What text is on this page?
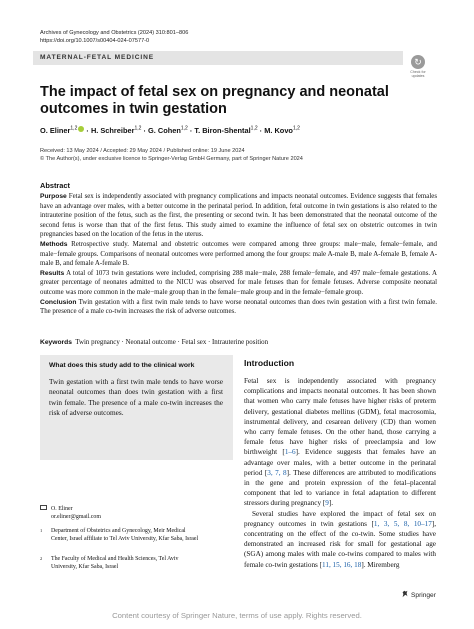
Archives of Gynecology and Obstetrics (2024) 310:801–806
https://doi.org/10.1007/s00404-024-07577-0
MATERNAL-FETAL MEDICINE	↻
Check for updates
The impact of fetal sex on pregnancy and neonatal outcomes in twin gestation
O. Eliner$^{1,2}$ · H. Schreiber$^{1,2}$ · G. Cohen$^{1,2}$ · T. Biron-Shental$^{1,2}$ · M. Kovo$^{1,2}$
Received: 13 May 2024 / Accepted: 29 May 2024 / Published online: 19 June 2024
© The Author(s), under exclusive licence to Springer-Verlag GmbH Germany, part of Springer Nature 2024
Abstract

Purpose Fetal sex is independently associated with pregnancy complications and impacts neonatal outcomes. Evidence suggests that females have an advantage over males, with a better outcome in the perinatal period. In addition, fetal outcome in twin gestations is also related to the intrauterine position of the fetus, such as the first, the presenting or second twin. It has been demonstrated that the neonatal outcome of the second fetus is worse than that of the first fetus. This study aimed to examine the influence of fetal sex on obstetric outcomes in twin pregnancies based on the location of the fetus in the uterus.

Methods Retrospective study. Maternal and obstetric outcomes were compared among three groups: male−male, female−female, and male−female groups. Comparisons of neonatal outcomes were performed among the four groups: male A-male B, male A-female B, female A-male B, and female A-female B.

Results A total of 1073 twin gestations were included, comprising 288 male−male, 288 female−female, and 497 male−female gestations. A greater percentage of neonates admitted to the NICU was observed for male fetuses than for female fetuses. Adverse composite neonatal outcome was more common in the male−male group than in the female−male group and in the female−female group.

Conclusion Twin gestation with a first twin male tends to have worse neonatal outcomes than does twin gestation with a first twin female. The presence of a male co-twin increases the risk of adverse outcomes.

Keywords Twin pregnancy · Neonatal outcome · Fetal sex · Intrauterine position
What does this study add to the clinical work
Twin gestation with a first twin male tends to have worse neonatal outcomes than does twin gestation with a first twin female. The presence of a male co-twin increases the risk of adverse outcomes.
Introduction

Fetal sex is independently associated with pregnancy complications and impacts neonatal outcomes. It has been shown that women who carry male fetuses have higher risks of preterm delivery, gestational diabetes mellitus (GDM), fetal macrosomia, instrumental delivery, and cesarean delivery (CD) than women who carry female fetuses. On the other hand, those carrying a female fetus have higher risks of preeclampsia and low birthweight [1–6]. Evidence suggests that females have an advantage over males, with a better outcome in the perinatal period [3, 7, 8]. These differences are attributed to modifications in the gene and protein expression of the fetal–placental component that led to variance in fetal adaptation to different stressors during pregnancy [9].

Several studies have explored the impact of fetal sex on pregnancy outcomes in twin gestations [1, 3, 5, 8, 10–17], concentrating on the effect of the co-twin. Some studies have demonstrated an increased risk for small for gestational age (SGA) among males with male co-twins compared to males with female co-twin gestations [11, 15, 16, 18]. Miremberg

O. Eliner
or.eliner@gmail.com
1 Department of Obstetrics and Gynecology, Meir Medical Center, Israel affiliate to Tel Aviv University, Kfar Saba, Israel
2 The Faculty of Medical and Health Sciences, Tel Aviv University, Kfar Saba, Israel
Springer
Content courtesy of Springer Nature, terms of use apply. Rights reserved.
